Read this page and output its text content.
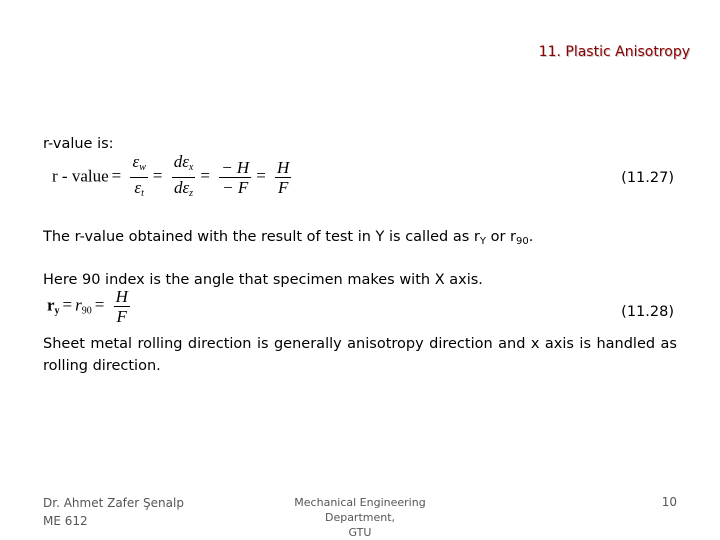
11. Plastic Anisotropy
r-value is:
r - value = $\frac{\varepsilon_w}{\varepsilon_t} = \frac{d\varepsilon_x}{d\varepsilon_z} = \frac{- H}{- F} = \frac{H}{F}$	(11.27)
The r-value obtained with the result of test in Y is called as $r_Y$ or $r_{90}$.
Here 90 index is the angle that specimen makes with X axis.
$r_y = r_{90} = \frac{H}{F}$	(11.28)
Sheet metal rolling direction is generally anisotropy direction and x axis is handled as rolling direction.
Dr. Ahmet Zafer Şenalp
ME 612
Mechanical Engineering Department,
GTU
10
